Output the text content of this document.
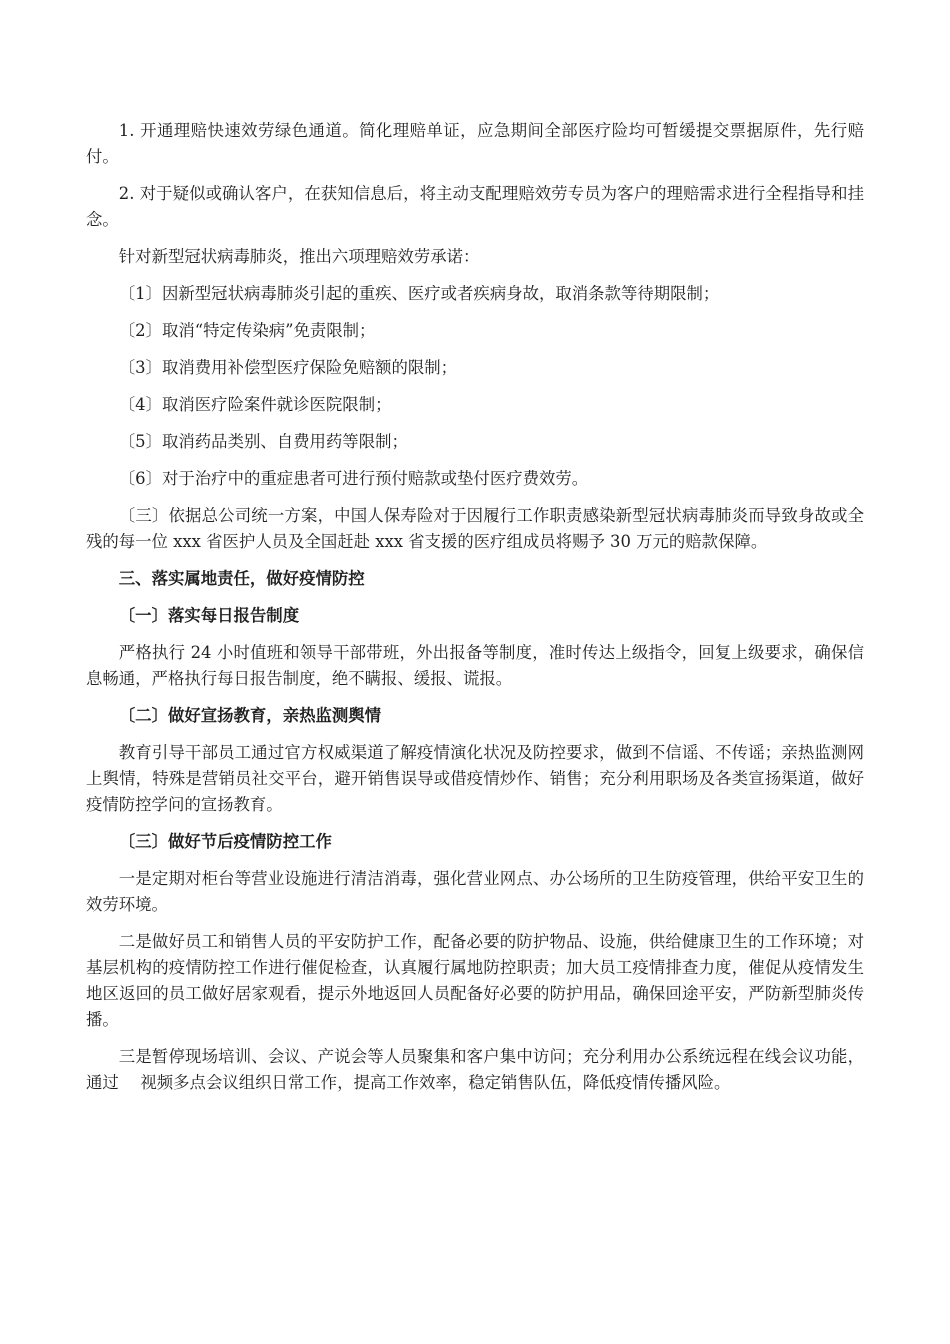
1. 开通理赔快速效劳绿色通道。简化理赔单证，应急期间全部医疗险均可暂缓提交票据原件，先行赔付。

2. 对于疑似或确认客户，在获知信息后，将主动支配理赔效劳专员为客户的理赔需求进行全程指导和挂念。

针对新型冠状病毒肺炎，推出六项理赔效劳承诺：

〔1〕因新型冠状病毒肺炎引起的重疾、医疗或者疾病身故，取消条款等待期限制；

〔2〕取消“特定传染病”免责限制；

〔3〕取消费用补偿型医疗保险免赔额的限制；

〔4〕取消医疗险案件就诊医院限制；

〔5〕取消药品类别、自费用药等限制；

〔6〕对于治疗中的重症患者可进行预付赔款或垫付医疗费效劳。

〔三〕依据总公司统一方案，中国人保寿险对于因履行工作职责感染新型冠状病毒肺炎而导致身故或全残的每一位 xxx 省医护人员及全国赶赴 xxx 省支援的医疗组成员将赐予 30 万元的赔款保障。

三、落实属地责任，做好疫情防控

〔一〕落实每日报告制度

严格执行 24 小时值班和领导干部带班，外出报备等制度，准时传达上级指令，回复上级要求，确保信息畅通，严格执行每日报告制度，绝不瞒报、缓报、谎报。

〔二〕做好宣扬教育，亲热监测舆情

教育引导干部员工通过官方权威渠道了解疫情演化状况及防控要求，做到不信谣、不传谣；亲热监测网上舆情，特殊是营销员社交平台，避开销售误导或借疫情炒作、销售；充分利用职场及各类宣扬渠道，做好疫情防控学问的宣扬教育。

〔三〕做好节后疫情防控工作

一是定期对柜台等营业设施进行清洁消毒，强化营业网点、办公场所的卫生防疫管理，供给平安卫生的效劳环境。

二是做好员工和销售人员的平安防护工作，配备必要的防护物品、设施，供给健康卫生的工作环境；对基层机构的疫情防控工作进行催促检查，认真履行属地防控职责；加大员工疫情排查力度，催促从疫情发生地区返回的员工做好居家观看，提示外地返回人员配备好必要的防护用品，确保回途平安，严防新型肺炎传播。

三是暂停现场培训、会议、产说会等人员聚集和客户集中访问；充分利用办公系统远程在线会议功能，通过　 视频多点会议组织日常工作，提高工作效率，稳定销售队伍，降低疫情传播风险。
